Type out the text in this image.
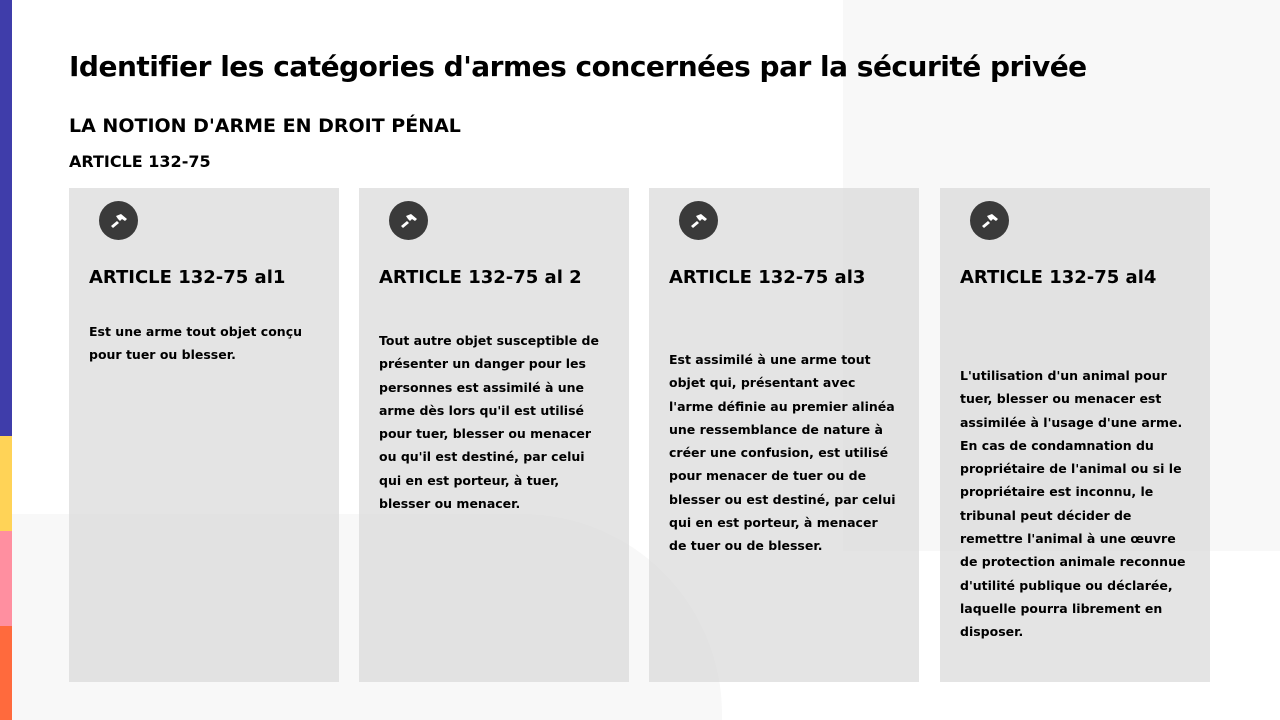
Identifier les catégories d'armes concernées par la sécurité privée
LA NOTION D'ARME EN DROIT PÉNAL
ARTICLE 132-75
ARTICLE 132-75 al1

Est une arme tout objet conçu pour tuer ou blesser.

ARTICLE 132-75 al 2

Tout autre objet susceptible de présenter un danger pour les personnes est assimilé à une arme dès lors qu'il est utilisé pour tuer, blesser ou menacer ou qu'il est destiné, par celui qui en est porteur, à tuer, blesser ou menacer.

ARTICLE 132-75 al3

Est assimilé à une arme tout objet qui, présentant avec l'arme définie au premier alinéa une ressemblance de nature à créer une confusion, est utilisé pour menacer de tuer ou de blesser ou est destiné, par celui qui en est porteur, à menacer de tuer ou de blesser.

ARTICLE 132-75 al4

L'utilisation d'un animal pour tuer, blesser ou menacer est assimilée à l'usage d'une arme. En cas de condamnation du propriétaire de l'animal ou si le propriétaire est inconnu, le tribunal peut décider de remettre l'animal à une œuvre de protection animale reconnue d'utilité publique ou déclarée, laquelle pourra librement en disposer.
